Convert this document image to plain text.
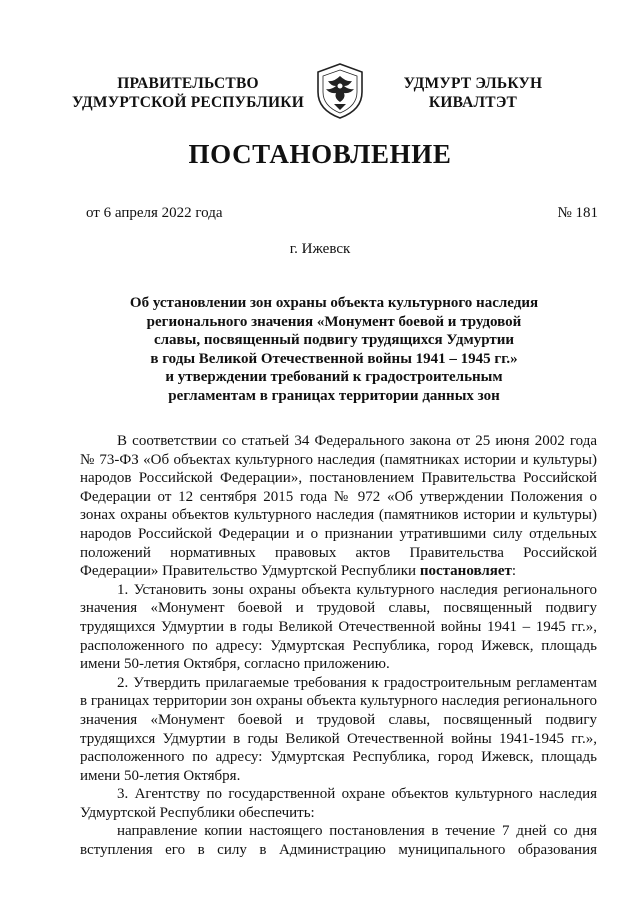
ПРАВИТЕЛЬСТВО
УДМУРТСКОЙ РЕСПУБЛИКИ
УДМУРТ ЭЛЬКУН
КИВАЛТЭТ
ПОСТАНОВЛЕНИЕ
от 6 апреля 2022 года	№ 181
г. Ижевск
Об установлении зон охраны объекта культурного наследия
регионального значения «Монумент боевой и трудовой
славы, посвященный подвигу трудящихся Удмуртии
в годы Великой Отечественной войны 1941 – 1945 гг.»
и утверждении требований к градостроительным
регламентам в границах территории данных зон

В соответствии со статьей 34 Федерального закона от 25 июня 2002 года № 73-ФЗ «Об объектах культурного наследия (памятниках истории и культуры) народов Российской Федерации», постановлением Правительства Российской Федерации от 12 сентября 2015 года № 972 «Об утверждении Положения о зонах охраны объектов культурного наследия (памятников истории и культуры) народов Российской Федерации и о признании утратившими силу отдельных положений нормативных правовых актов Правительства Российской Федерации» Правительство Удмуртской Республики постановляет:

1. Установить зоны охраны объекта культурного наследия регионального значения «Монумент боевой и трудовой славы, посвященный подвигу трудящихся Удмуртии в годы Великой Отечественной войны 1941 – 1945 гг.», расположенного по адресу: Удмуртская Республика, город Ижевск, площадь имени 50-летия Октября, согласно приложению.

2. Утвердить прилагаемые требования к градостроительным регламентам в границах территории зон охраны объекта культурного наследия регионального значения «Монумент боевой и трудовой славы, посвященный подвигу трудящихся Удмуртии в годы Великой Отечественной войны 1941-1945 гг.», расположенного по адресу: Удмуртская Республика, город Ижевск, площадь имени 50-летия Октября.

3. Агентству по государственной охране объектов культурного наследия Удмуртской Республики обеспечить:

направление копии настоящего постановления в течение 7 дней со дня вступления его в силу в Администрацию муниципального образования
